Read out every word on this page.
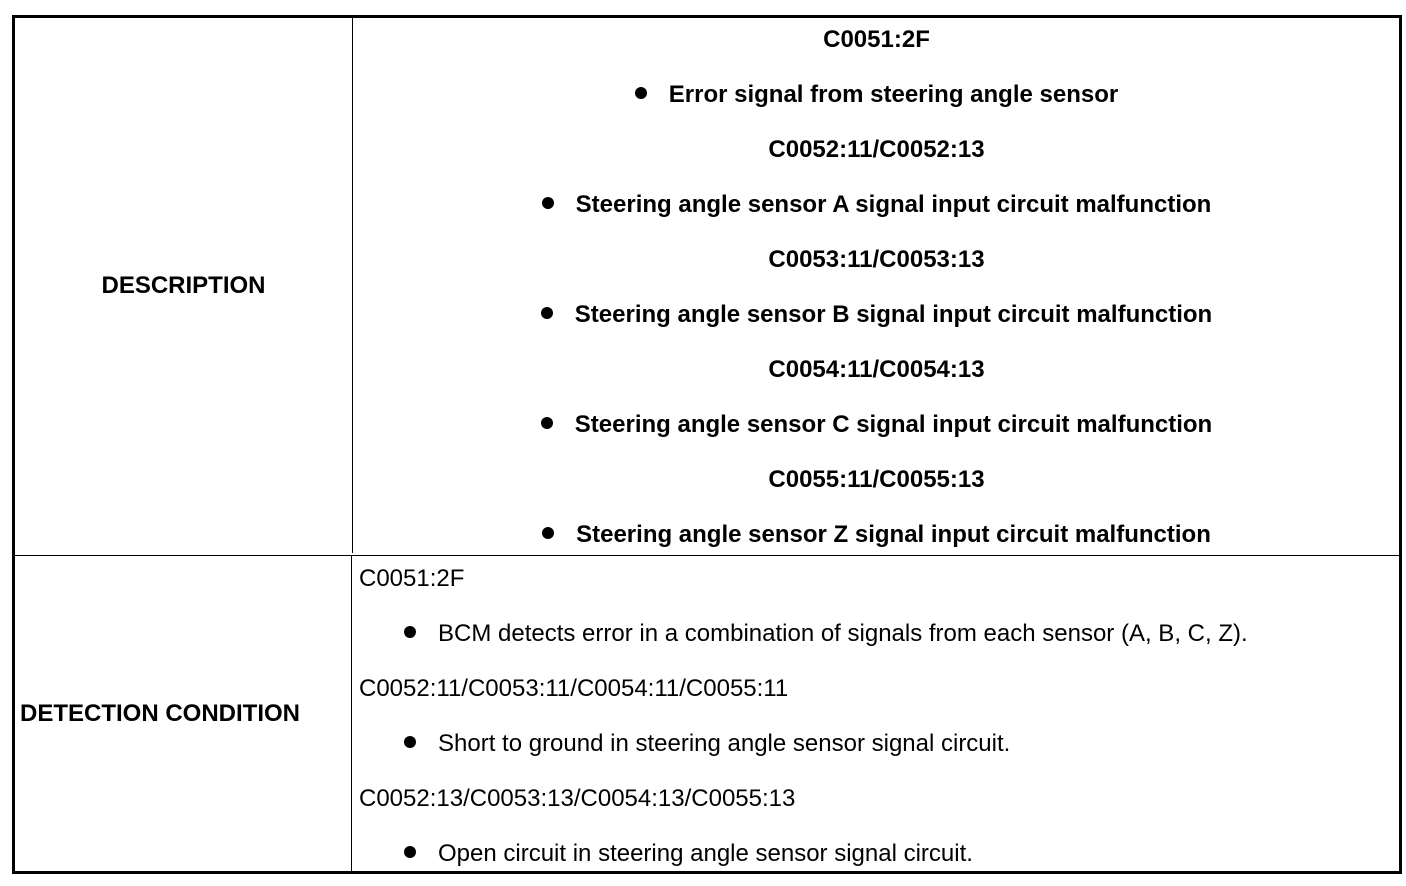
DESCRIPTION
C0051:2F
Error signal from steering angle sensor
C0052:11/C0052:13
Steering angle sensor A signal input circuit malfunction
C0053:11/C0053:13
Steering angle sensor B signal input circuit malfunction
C0054:11/C0054:13
Steering angle sensor C signal input circuit malfunction
C0055:11/C0055:13
Steering angle sensor Z signal input circuit malfunction
DETECTION CONDITION
C0051:2F
BCM detects error in a combination of signals from each sensor (A, B, C, Z).
C0052:11/C0053:11/C0054:11/C0055:11
Short to ground in steering angle sensor signal circuit.
C0052:13/C0053:13/C0054:13/C0055:13
Open circuit in steering angle sensor signal circuit.
